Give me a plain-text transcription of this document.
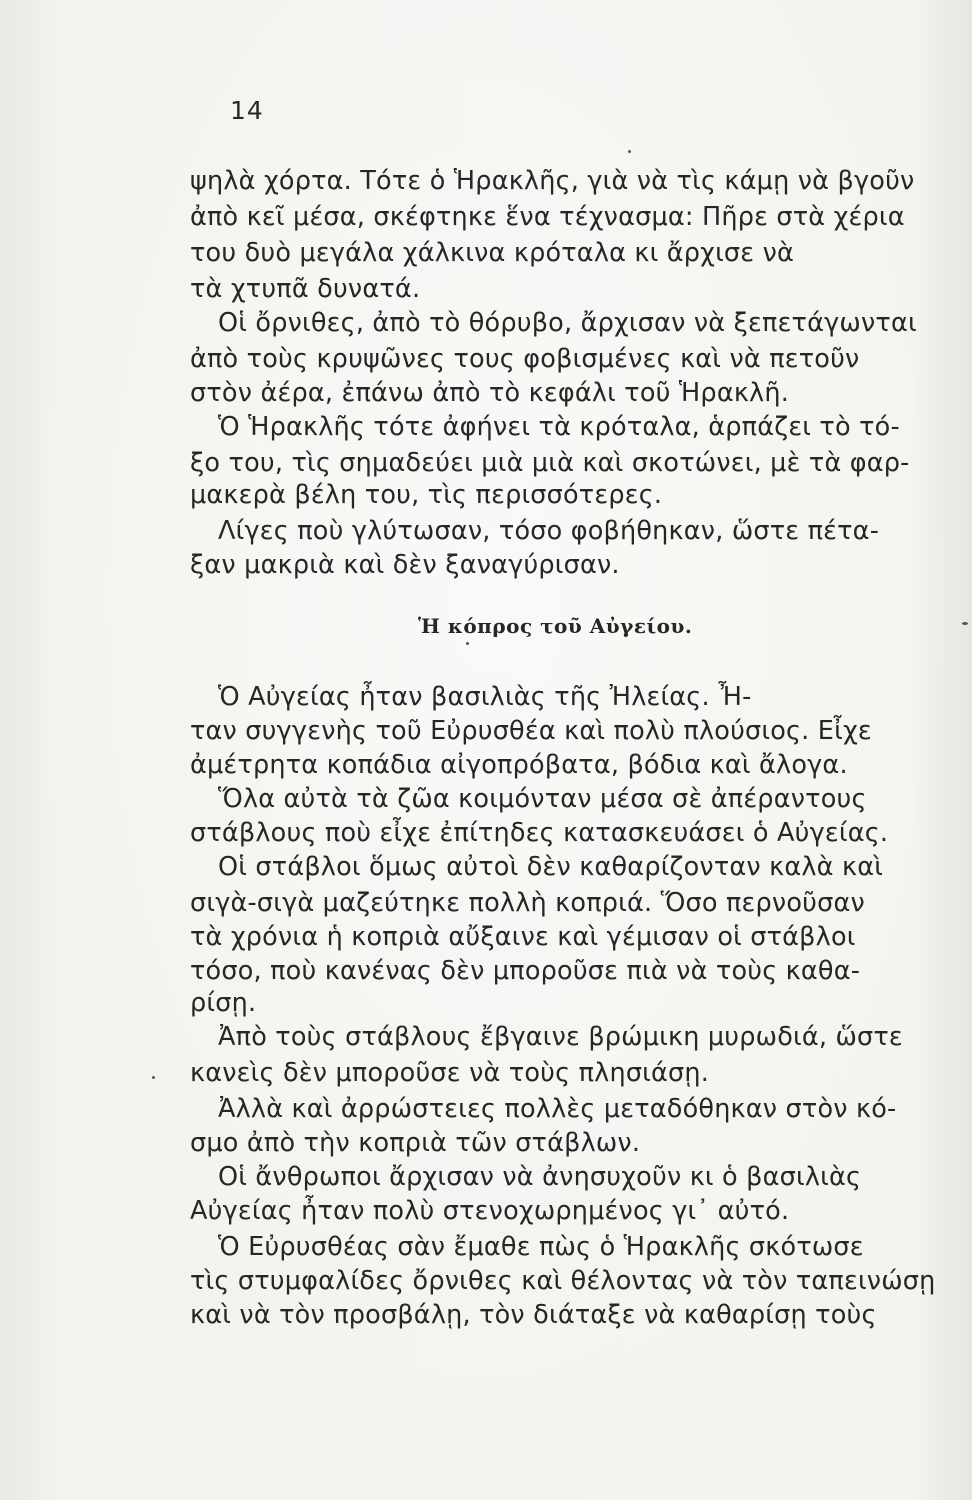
14
ψηλὰ χόρτα. Τότε ὁ Ἡρακλῆς, γιὰ νὰ τὶς κάμῃ νὰ βγοῦν
ἀπὸ κεῖ μέσα, σκέφτηκε ἕνα τέχνασμα: Πῆρε στὰ χέρια
του δυὸ μεγάλα χάλκινα κρόταλα κι ἄρχισε νὰ
τὰ χτυπᾶ δυνατά.
Οἱ ὄρνιθες, ἀπὸ τὸ θόρυβο, ἄρχισαν νὰ ξεπετάγωνται
ἀπὸ τοὺς κρυψῶνες τους φοβισμένες καὶ νὰ πετοῦν
στὸν ἀέρα, ἐπάνω ἀπὸ τὸ κεφάλι τοῦ Ἡρακλῆ.
Ὁ Ἡρακλῆς τότε ἀφήνει τὰ κρόταλα, ἁρπάζει τὸ τό-
ξο του, τὶς σημαδεύει μιὰ μιὰ καὶ σκοτώνει, μὲ τὰ φαρ-
μακερὰ βέλη του, τὶς περισσότερες.
Λίγες ποὺ γλύτωσαν, τόσο φοβήθηκαν, ὥστε πέτα-
ξαν μακριὰ καὶ δὲν ξαναγύρισαν.
Ἡ κόπρος τοῦ Αὐγείου.
Ὁ Αὐγείας ἦταν βασιλιὰς τῆς Ἠλείας. Ἦ-
ταν συγγενὴς τοῦ Εὐρυσθέα καὶ πολὺ πλούσιος. Εἶχε
ἀμέτρητα κοπάδια αἰγοπρόβατα, βόδια καὶ ἄλογα.
Ὅλα αὐτὰ τὰ ζῶα κοιμόνταν μέσα σὲ ἀπέραντους
στάβλους ποὺ εἶχε ἐπίτηδες κατασκευάσει ὁ Αὐγείας.
Οἱ στάβλοι ὅμως αὐτοὶ δὲν καθαρίζονταν καλὰ καὶ
σιγὰ-σιγὰ μαζεύτηκε πολλὴ κοπριά. Ὅσο περνοῦσαν
τὰ χρόνια ἡ κοπριὰ αὔξαινε καὶ γέμισαν οἱ στάβλοι
τόσο, ποὺ κανένας δὲν μποροῦσε πιὰ νὰ τοὺς καθα-
ρίσῃ.
Ἀπὸ τοὺς στάβλους ἔβγαινε βρώμικη μυρωδιά, ὥστε
κανεὶς δὲν μποροῦσε νὰ τοὺς πλησιάσῃ.
Ἀλλὰ καὶ ἀρρώστειες πολλὲς μεταδόθηκαν στὸν κό-
σμο ἀπὸ τὴν κοπριὰ τῶν στάβλων.
Οἱ ἄνθρωποι ἄρχισαν νὰ ἀνησυχοῦν κι ὁ βασιλιὰς
Αὐγείας ἦταν πολὺ στενοχωρημένος γι᾽ αὐτό.
Ὁ Εὐρυσθέας σὰν ἔμαθε πὼς ὁ Ἡρακλῆς σκότωσε
τὶς στυμφαλίδες ὄρνιθες καὶ θέλοντας νὰ τὸν ταπεινώσῃ
καὶ νὰ τὸν προσβάλῃ, τὸν διάταξε νὰ καθαρίσῃ τοὺς
